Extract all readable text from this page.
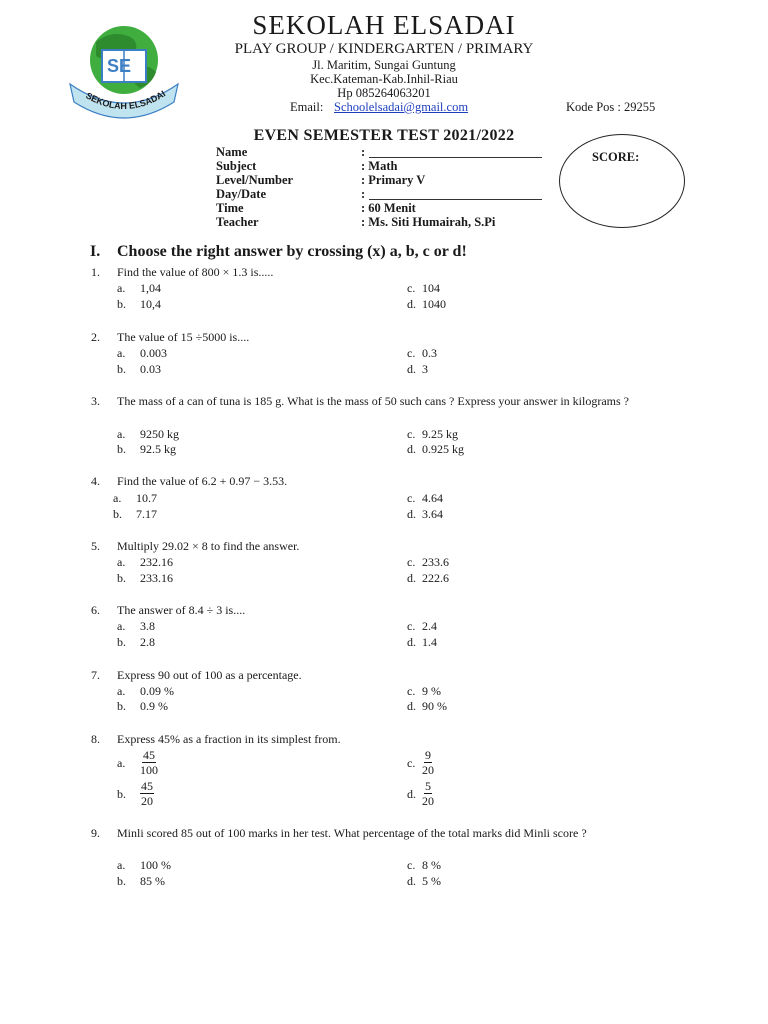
SE
SEKOLAH ELSADAI
SEKOLAH ELSADAI
PLAY GROUP / KINDERGARTEN / PRIMARY
Jl. Maritim, Sungai Guntung
Kec.Kateman-Kab.Inhil-Riau
Hp 085264063201
Email: Schoolelsadai@gmail.com	Kode Pos : 29255
EVEN SEMESTER TEST 2021/2022
Name	:
Subject	: Math
Level/Number	: Primary V
Day/Date	:
Time	: 60 Menit
Teacher	: Ms. Siti Humairah, S.Pi
SCORE:
I. Choose the right answer by crossing (x) a, b, c or d!
1. Find the value of 800 × 1.3 is.....
a. 1,04	c. 104
b. 10,4	d. 1040
2. The value of 15 ÷5000 is....
a. 0.003	c. 0.3
b. 0.03	d. 3
3. The mass of a can of tuna is 185 g. What is the mass of 50 such cans ? Express your answer in kilograms ?
a. 9250 kg	c. 9.25 kg
b. 92.5 kg	d. 0.925 kg
4. Find the value of 6.2 + 0.97 − 3.53.
a. 10.7	c. 4.64
b. 7.17	d. 3.64
5. Multiply 29.02 × 8 to find the answer.
a. 232.16	c. 233.6
b. 233.16	d. 222.6
6. The answer of 8.4 ÷ 3 is....
a. 3.8	c. 2.4
b. 2.8	d. 1.4
7. Express 90 out of 100 as a percentage.
a. 0.09 %	c. 9 %
b. 0.9 %	d. 90 %
8. Express 45% as a fraction in its simplest from.
a. $\frac{45}{100}$	c. $\frac{9}{20}$
b. $\frac{45}{20}$	d. $\frac{5}{20}$
9. Minli scored 85 out of 100 marks in her test. What percentage of the total marks did Minli score ?
a. 100 %	c. 8 %
b. 85 %	d. 5 %
